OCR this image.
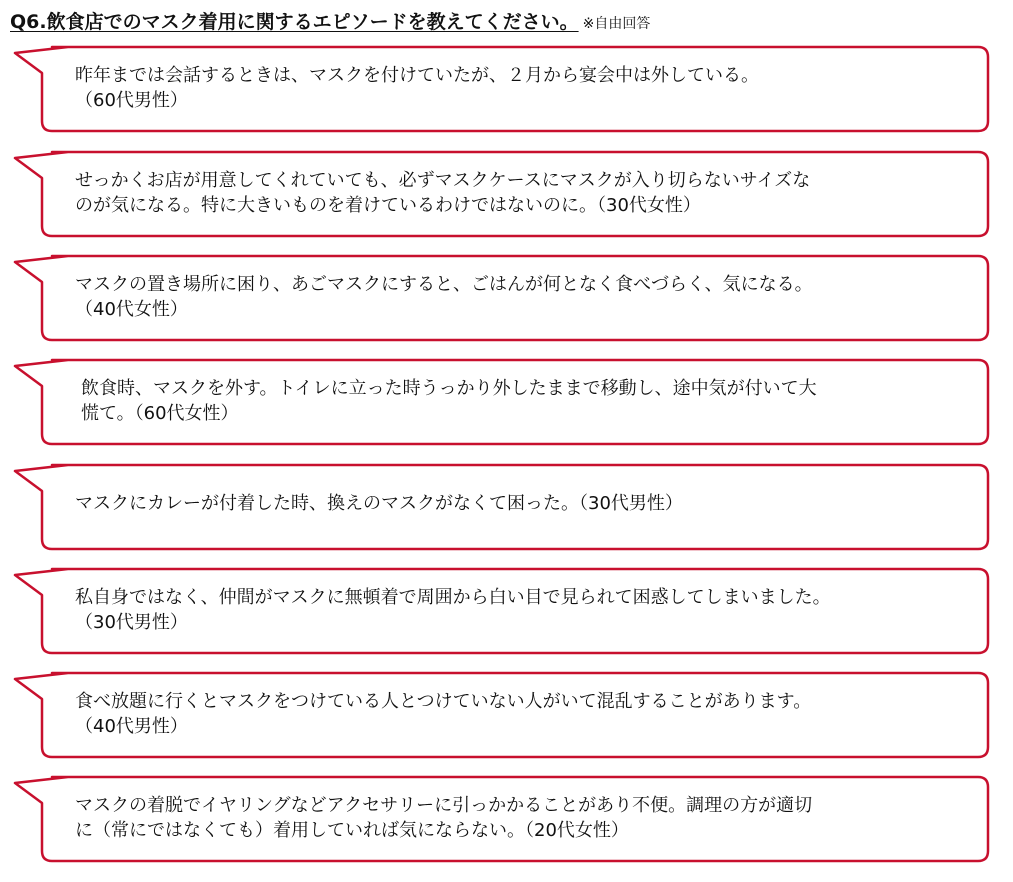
Q6.飲食店でのマスク着用に関するエピソードを教えてください。 ※自由回答
昨年までは会話するときは、マスクを付けていたが、２月から宴会中は外している。
（60代男性）
せっかくお店が用意してくれていても、必ずマスクケースにマスクが入り切らないサイズな
のが気になる。特に大きいものを着けているわけではないのに。（30代女性）
マスクの置き場所に困り、あごマスクにすると、ごはんが何となく食べづらく、気になる。
（40代女性）
飲食時、マスクを外す。トイレに立った時うっかり外したままで移動し、途中気が付いて大
慌て。（60代女性）
マスクにカレーが付着した時、換えのマスクがなくて困った。（30代男性）
私自身ではなく、仲間がマスクに無頓着で周囲から白い目で見られて困惑してしまいました。
（30代男性）
食べ放題に行くとマスクをつけている人とつけていない人がいて混乱することがあります。
（40代男性）
マスクの着脱でイヤリングなどアクセサリーに引っかかることがあり不便。調理の方が適切
に（常にではなくても）着用していれば気にならない。（20代女性）
